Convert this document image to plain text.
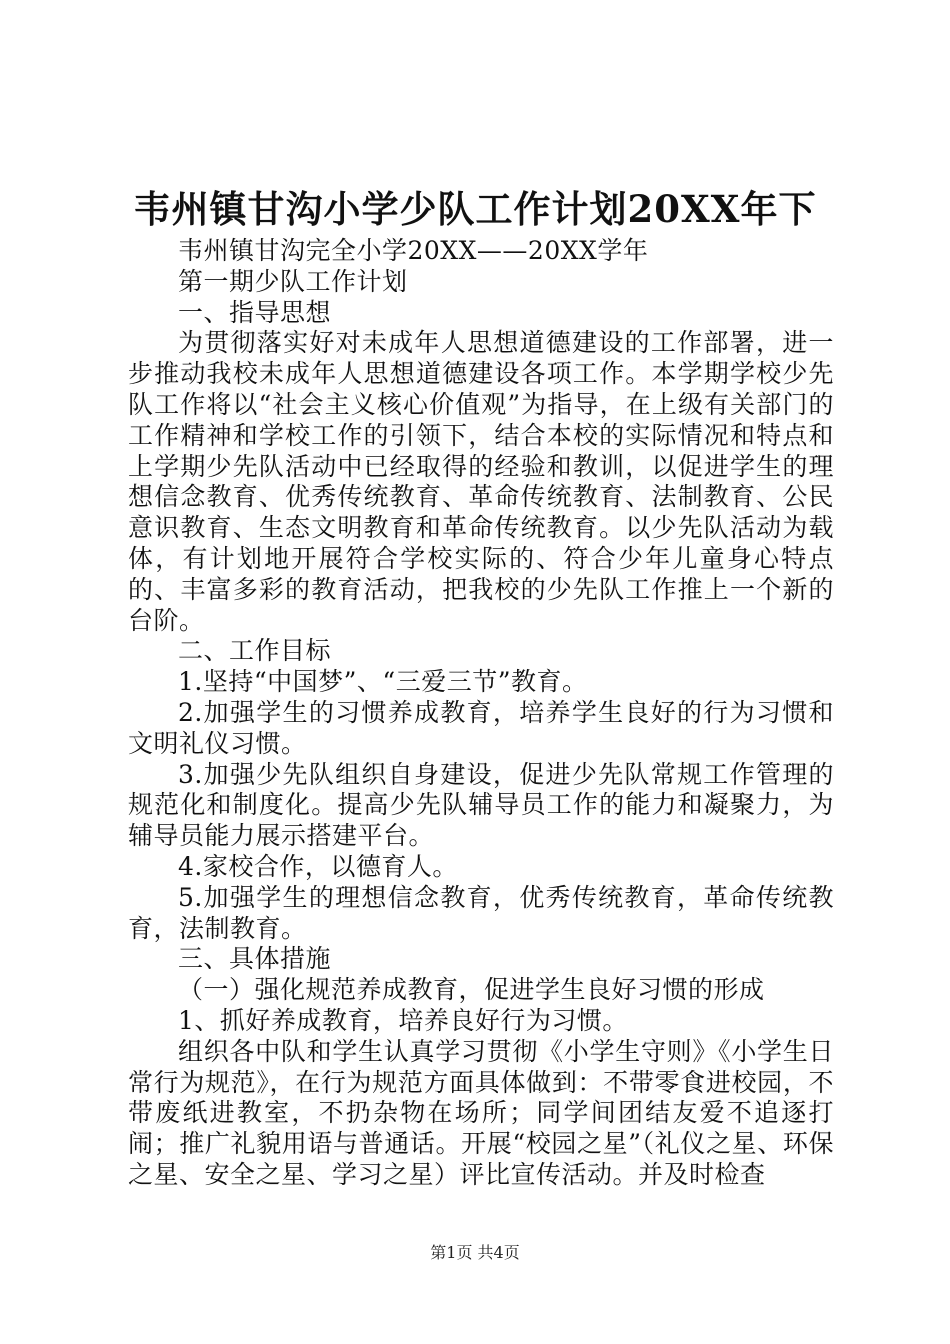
韦州镇甘沟小学少队工作计划20XX年下

韦州镇甘沟完全小学20XX——20XX学年

第一期少队工作计划

一、指导思想

为贯彻落实好对未成年人思想道德建设的工作部署，进一步推动我校未成年人思想道德建设各项工作。本学期学校少先队工作将以“社会主义核心价值观”为指导，在上级有关部门的工作精神和学校工作的引领下，结合本校的实际情况和特点和上学期少先队活动中已经取得的经验和教训，以促进学生的理想信念教育、优秀传统教育、革命传统教育、法制教育、公民意识教育、生态文明教育和革命传统教育。以少先队活动为载体，有计划地开展符合学校实际的、符合少年儿童身心特点的、丰富多彩的教育活动，把我校的少先队工作推上一个新的台阶。

二、工作目标

1.坚持“中国梦”、“三爱三节”教育。

2.加强学生的习惯养成教育，培养学生良好的行为习惯和文明礼仪习惯。

3.加强少先队组织自身建设，促进少先队常规工作管理的规范化和制度化。提高少先队辅导员工作的能力和凝聚力，为辅导员能力展示搭建平台。

4.家校合作，以德育人。

5.加强学生的理想信念教育，优秀传统教育，革命传统教育，法制教育。

三、具体措施

（一）强化规范养成教育，促进学生良好习惯的形成

1、抓好养成教育，培养良好行为习惯。

组织各中队和学生认真学习贯彻《小学生守则》《小学生日常行为规范》，在行为规范方面具体做到：不带零食进校园，不带废纸进教室，不扔杂物在场所；同学间团结友爱不追逐打闹；推广礼貌用语与普通话。开展“校园之星”（礼仪之星、环保之星、安全之星、学习之星）评比宣传活动。并及时检查

第1页 共4页
